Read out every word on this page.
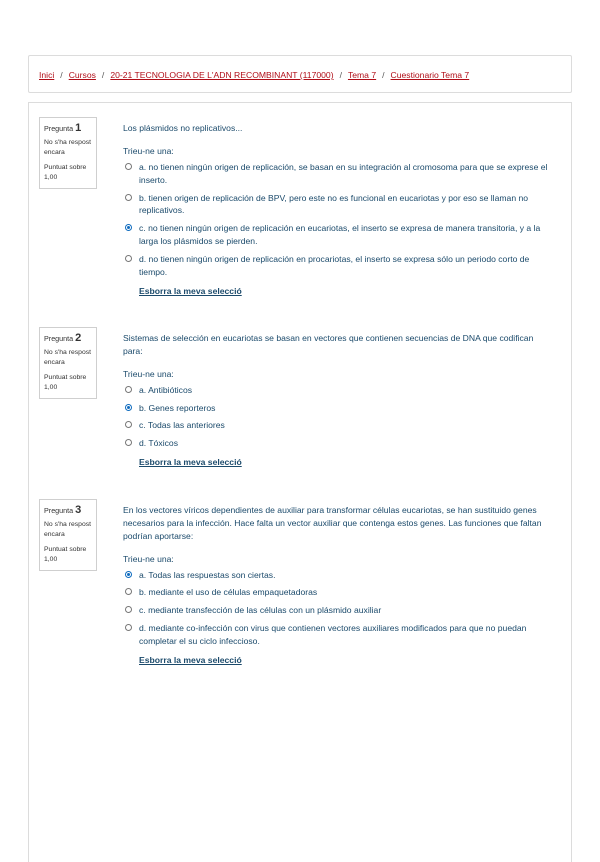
Inici / Cursos / 20-21 TECNOLOGIA DE L'ADN RECOMBINANT (117000) / Tema 7 / Cuestionario Tema 7
Pregunta 1
No s'ha respost encara
Puntuat sobre 1,00

Los plásmidos no replicativos...

Trieu-ne una:
a. no tienen ningún origen de replicación, se basan en su integración al cromosoma para que se exprese el inserto.
b. tienen origen de replicación de BPV, pero este no es funcional en eucariotas y por eso se llaman no replicativos.
c. no tienen ningún origen de replicación en eucariotas, el inserto se expresa de manera transitoria, y a la larga los plásmidos se pierden.
d. no tienen ningún origen de replicación en procariotas, el inserto se expresa sólo un periodo corto de tiempo.
Esborra la meva selecció
Pregunta 2
No s'ha respost encara
Puntuat sobre 1,00

Sistemas de selección en eucariotas se basan en vectores que contienen secuencias de DNA que codifican para:

Trieu-ne una:
a. Antibióticos
b. Genes reporteros
c. Todas las anteriores
d. Tóxicos
Esborra la meva selecció
Pregunta 3
No s'ha respost encara
Puntuat sobre 1,00

En los vectores víricos dependientes de auxiliar para transformar células eucariotas, se han sustituido genes necesarios para la infección. Hace falta un vector auxiliar que contenga estos genes. Las funciones que faltan podrían aportarse:

Trieu-ne una:
a. Todas las respuestas son ciertas.
b. mediante el uso de células empaquetadoras
c. mediante transfección de las células con un plásmido auxiliar
d. mediante co-infección con virus que contienen vectores auxiliares modificados para que no puedan completar el su ciclo infeccioso.
Esborra la meva selecció
